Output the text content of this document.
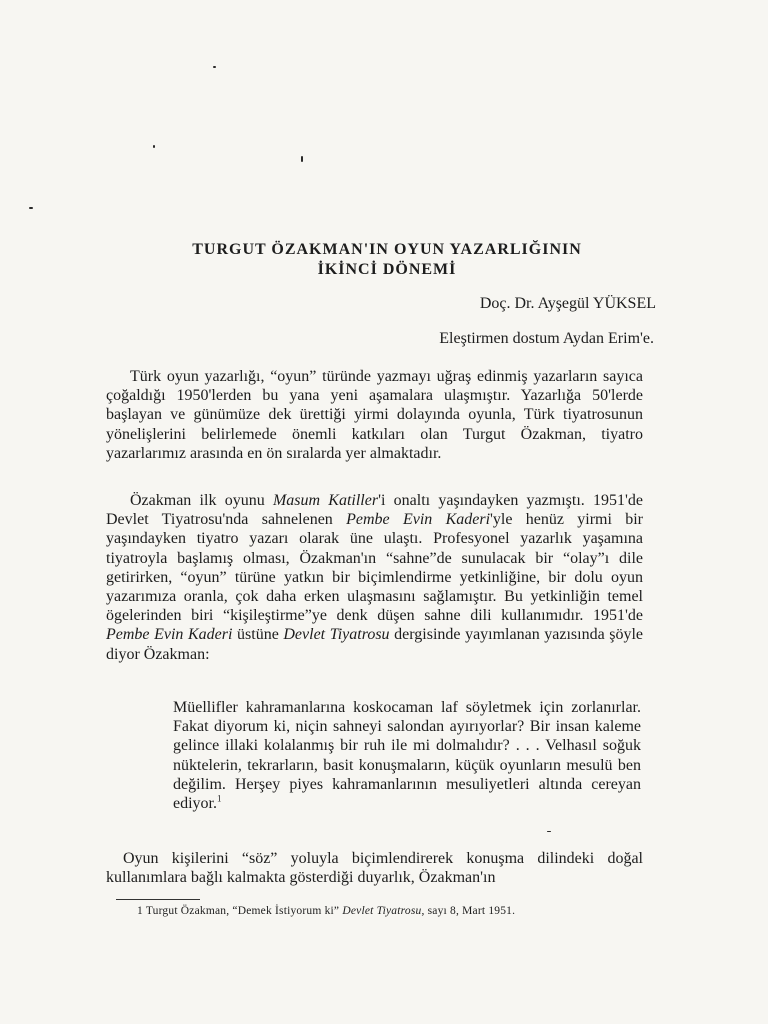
TURGUT ÖZAKMAN'IN OYUN YAZARLIĞININ
İKİNCİ DÖNEMİ
Doç. Dr. Ayşegül YÜKSEL
Eleştirmen dostum Aydan Erim'e.

Türk oyun yazarlığı, “oyun” türünde yazmayı uğraş edinmiş yazarların sayıca çoğaldığı 1950'lerden bu yana yeni aşamalara ulaşmıştır. Yazarlığa 50'lerde başlayan ve günümüze dek ürettiği yirmi dolayında oyunla, Türk tiyatrosunun yönelişlerini belirlemede önemli katkıları olan Turgut Özakman, tiyatro yazarlarımız arasında en ön sıralarda yer almaktadır.

Özakman ilk oyunu Masum Katiller'i onaltı yaşındayken yazmıştı. 1951'de Devlet Tiyatrosu'nda sahnelenen Pembe Evin Kaderi'yle henüz yirmi bir yaşındayken tiyatro yazarı olarak üne ulaştı. Profesyonel yazarlık yaşamına tiyatroyla başlamış olması, Özakman'ın “sahne”de sunulacak bir “olay”ı dile getirirken, “oyun” türüne yatkın bir biçimlendirme yetkinliğine, bir dolu oyun yazarımıza oranla, çok daha erken ulaşmasını sağlamıştır. Bu yetkinliğin temel ögelerinden biri “kişileştirme”ye denk düşen sahne dili kullanımıdır. 1951'de Pembe Evin Kaderi üstüne Devlet Tiyatrosu dergisinde yayımlanan yazısında şöyle diyor Özakman:

Müellifler kahramanlarına koskocaman laf söyletmek için zorlanırlar. Fakat diyorum ki, niçin sahneyi salondan ayırıyorlar? Bir insan kaleme gelince illaki kolalanmış bir ruh ile mi dolmalıdır? . . . Velhasıl soğuk nüktelerin, tekrarların, basit konuşmaların, küçük oyunların mesulü ben değilim. Herşey piyes kahramanlarının mesuliyetleri altında cereyan ediyor.$^1$

Oyun kişilerini “söz” yoluyla biçimlendirerek konuşma dilindeki doğal kullanımlara bağlı kalmakta gösterdiği duyarlık, Özakman'ın

1 Turgut Özakman, “Demek İstiyorum ki” Devlet Tiyatrosu, sayı 8, Mart 1951.
